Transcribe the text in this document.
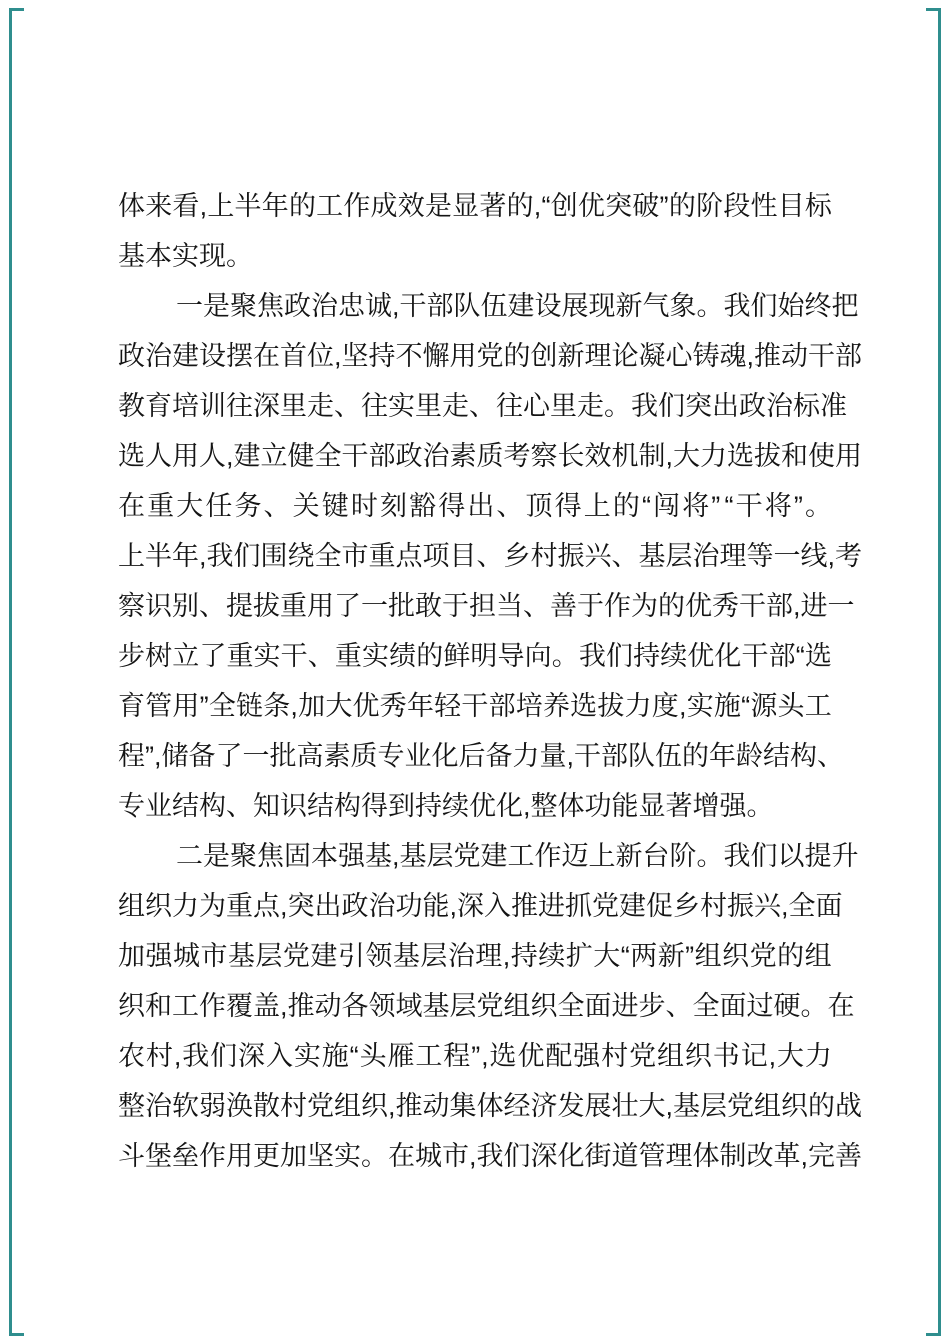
体 来 看 , 上 半 年 的 工 作 成 效 是 显 著 的 , “ 创 优 突 破 ” 的 阶 段 性 目 标
基本实现。
一 是 聚 焦 政 治 忠 诚 , 干 部 队 伍 建 设 展 现 新 气 象 。 我 们 始 终 把
政 治 建 设 摆 在 首 位 , 坚 持 不 懈 用 党 的 创 新 理 论 凝 心 铸 魂 , 推 动 干 部
教 育 培 训 往 深 里 走 、 往 实 里 走 、 往 心 里 走 。 我 们 突 出 政 治 标 准
选 人 用 人 , 建 立 健 全 干 部 政 治 素 质 考 察 长 效 机 制 , 大 力 选 拔 和 使 用
在 重 大 任 务 、 关 键 时 刻 豁 得 出 、 顶 得 上 的 “ 闯 将 ” “ 干 将 ” 。
上 半 年 , 我 们 围 绕 全 市 重 点 项 目 、 乡 村 振 兴 、 基 层 治 理 等 一 线 , 考
察 识 别 、 提 拔 重 用 了 一 批 敢 于 担 当 、 善 于 作 为 的 优 秀 干 部 , 进 一
步 树 立 了 重 实 干 、 重 实 绩 的 鲜 明 导 向 。 我 们 持 续 优 化 干 部 “ 选
育 管 用 ” 全 链 条 , 加 大 优 秀 年 轻 干 部 培 养 选 拔 力 度 , 实 施 “ 源 头 工
程 ” , 储 备 了 一 批 高 素 质 专 业 化 后 备 力 量 , 干 部 队 伍 的 年 龄 结 构 、
专业结构、知识结构得到持续优化,整体功能显著增强。
二 是 聚 焦 固 本 强 基 , 基 层 党 建 工 作 迈 上 新 台 阶 。 我 们 以 提 升
组 织 力 为 重 点 , 突 出 政 治 功 能 , 深 入 推 进 抓 党 建 促 乡 村 振 兴 , 全 面
加 强 城 市 基 层 党 建 引 领 基 层 治 理 , 持 续 扩 大 “ 两 新 ” 组 织 党 的 组
织 和 工 作 覆 盖 , 推 动 各 领 域 基 层 党 组 织 全 面 进 步 、 全 面 过 硬 。 在
农 村 , 我 们 深 入 实 施 “ 头 雁 工 程 ” , 选 优 配 强 村 党 组 织 书 记 , 大 力
整 治 软 弱 涣 散 村 党 组 织 , 推 动 集 体 经 济 发 展 壮 大 , 基 层 党 组 织 的 战
斗 堡 垒 作 用 更 加 坚 实 。 在 城 市 , 我 们 深 化 街 道 管 理 体 制 改 革 , 完 善
